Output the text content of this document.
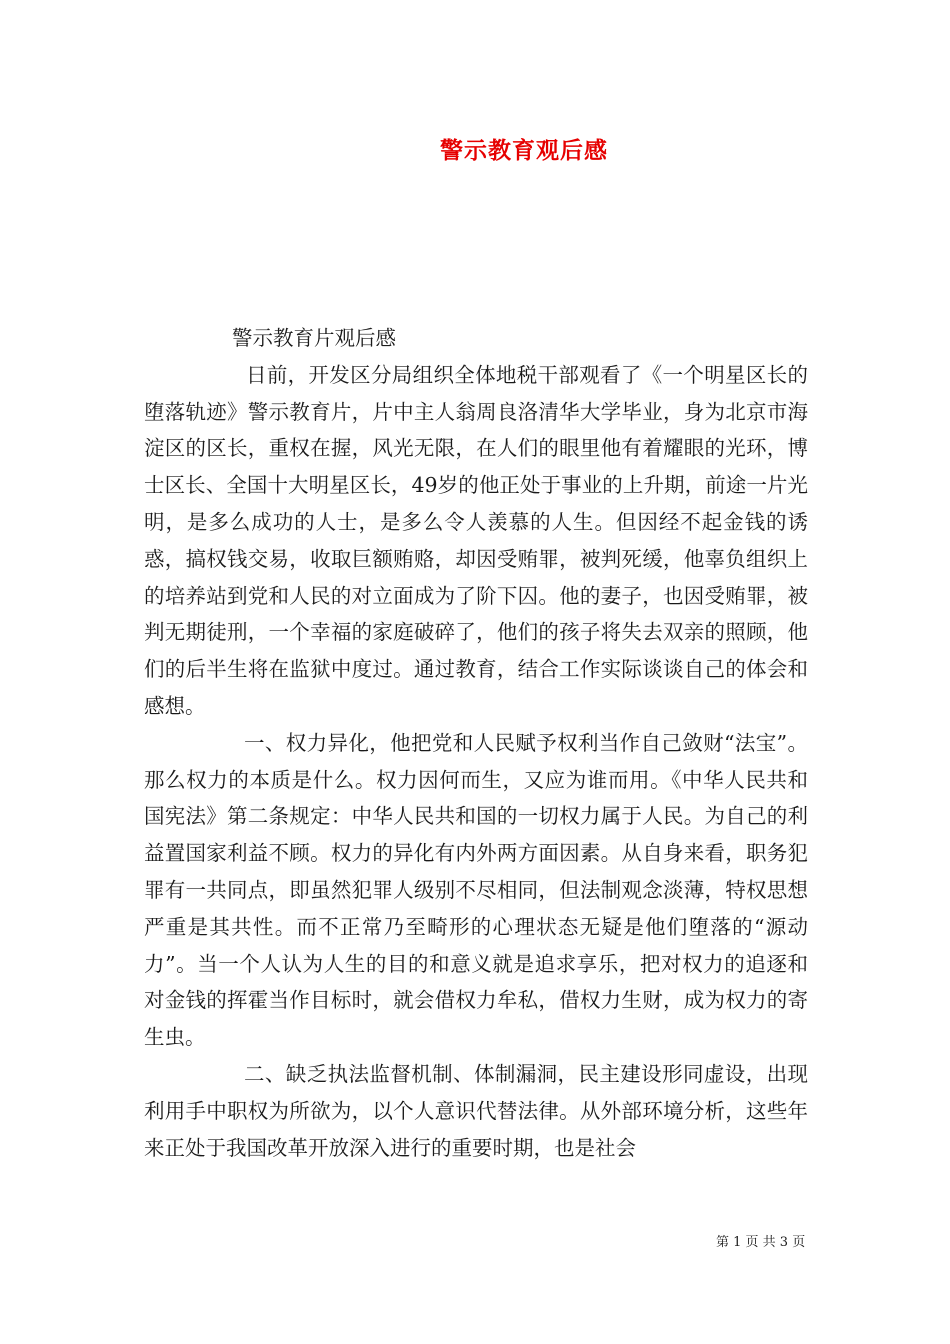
警示教育观后感

警示教育片观后感

日前，开发区分局组织全体地税干部观看了《一个明星区长的堕落轨迹》警示教育片，片中主人翁周良洛清华大学毕业，身为北京市海淀区的区长，重权在握，风光无限，在人们的眼里他有着耀眼的光环，博士区长、全国十大明星区长，49岁的他正处于事业的上升期，前途一片光明，是多么成功的人士，是多么令人羡慕的人生。但因经不起金钱的诱惑，搞权钱交易，收取巨额贿赂，却因受贿罪，被判死缓，他辜负组织上的培养站到党和人民的对立面成为了阶下囚。他的妻子，也因受贿罪，被判无期徒刑，一个幸福的家庭破碎了，他们的孩子将失去双亲的照顾，他们的后半生将在监狱中度过。通过教育，结合工作实际谈谈自己的体会和感想。

一、权力异化，他把党和人民赋予权利当作自己敛财“法宝”。那么权力的本质是什么。权力因何而生，又应为谁而用。《中华人民共和国宪法》第二条规定：中华人民共和国的一切权力属于人民。为自己的利益置国家利益不顾。权力的异化有内外两方面因素。从自身来看，职务犯罪有一共同点，即虽然犯罪人级别不尽相同，但法制观念淡薄，特权思想严重是其共性。而不正常乃至畸形的心理状态无疑是他们堕落的“源动力”。当一个人认为人生的目的和意义就是追求享乐，把对权力的追逐和对金钱的挥霍当作目标时，就会借权力牟私，借权力生财，成为权力的寄生虫。

二、缺乏执法监督机制、体制漏洞，民主建设形同虚设，出现利用手中职权为所欲为，以个人意识代替法律。从外部环境分析，这些年来正处于我国改革开放深入进行的重要时期，也是社会

第 1 页 共 3 页
